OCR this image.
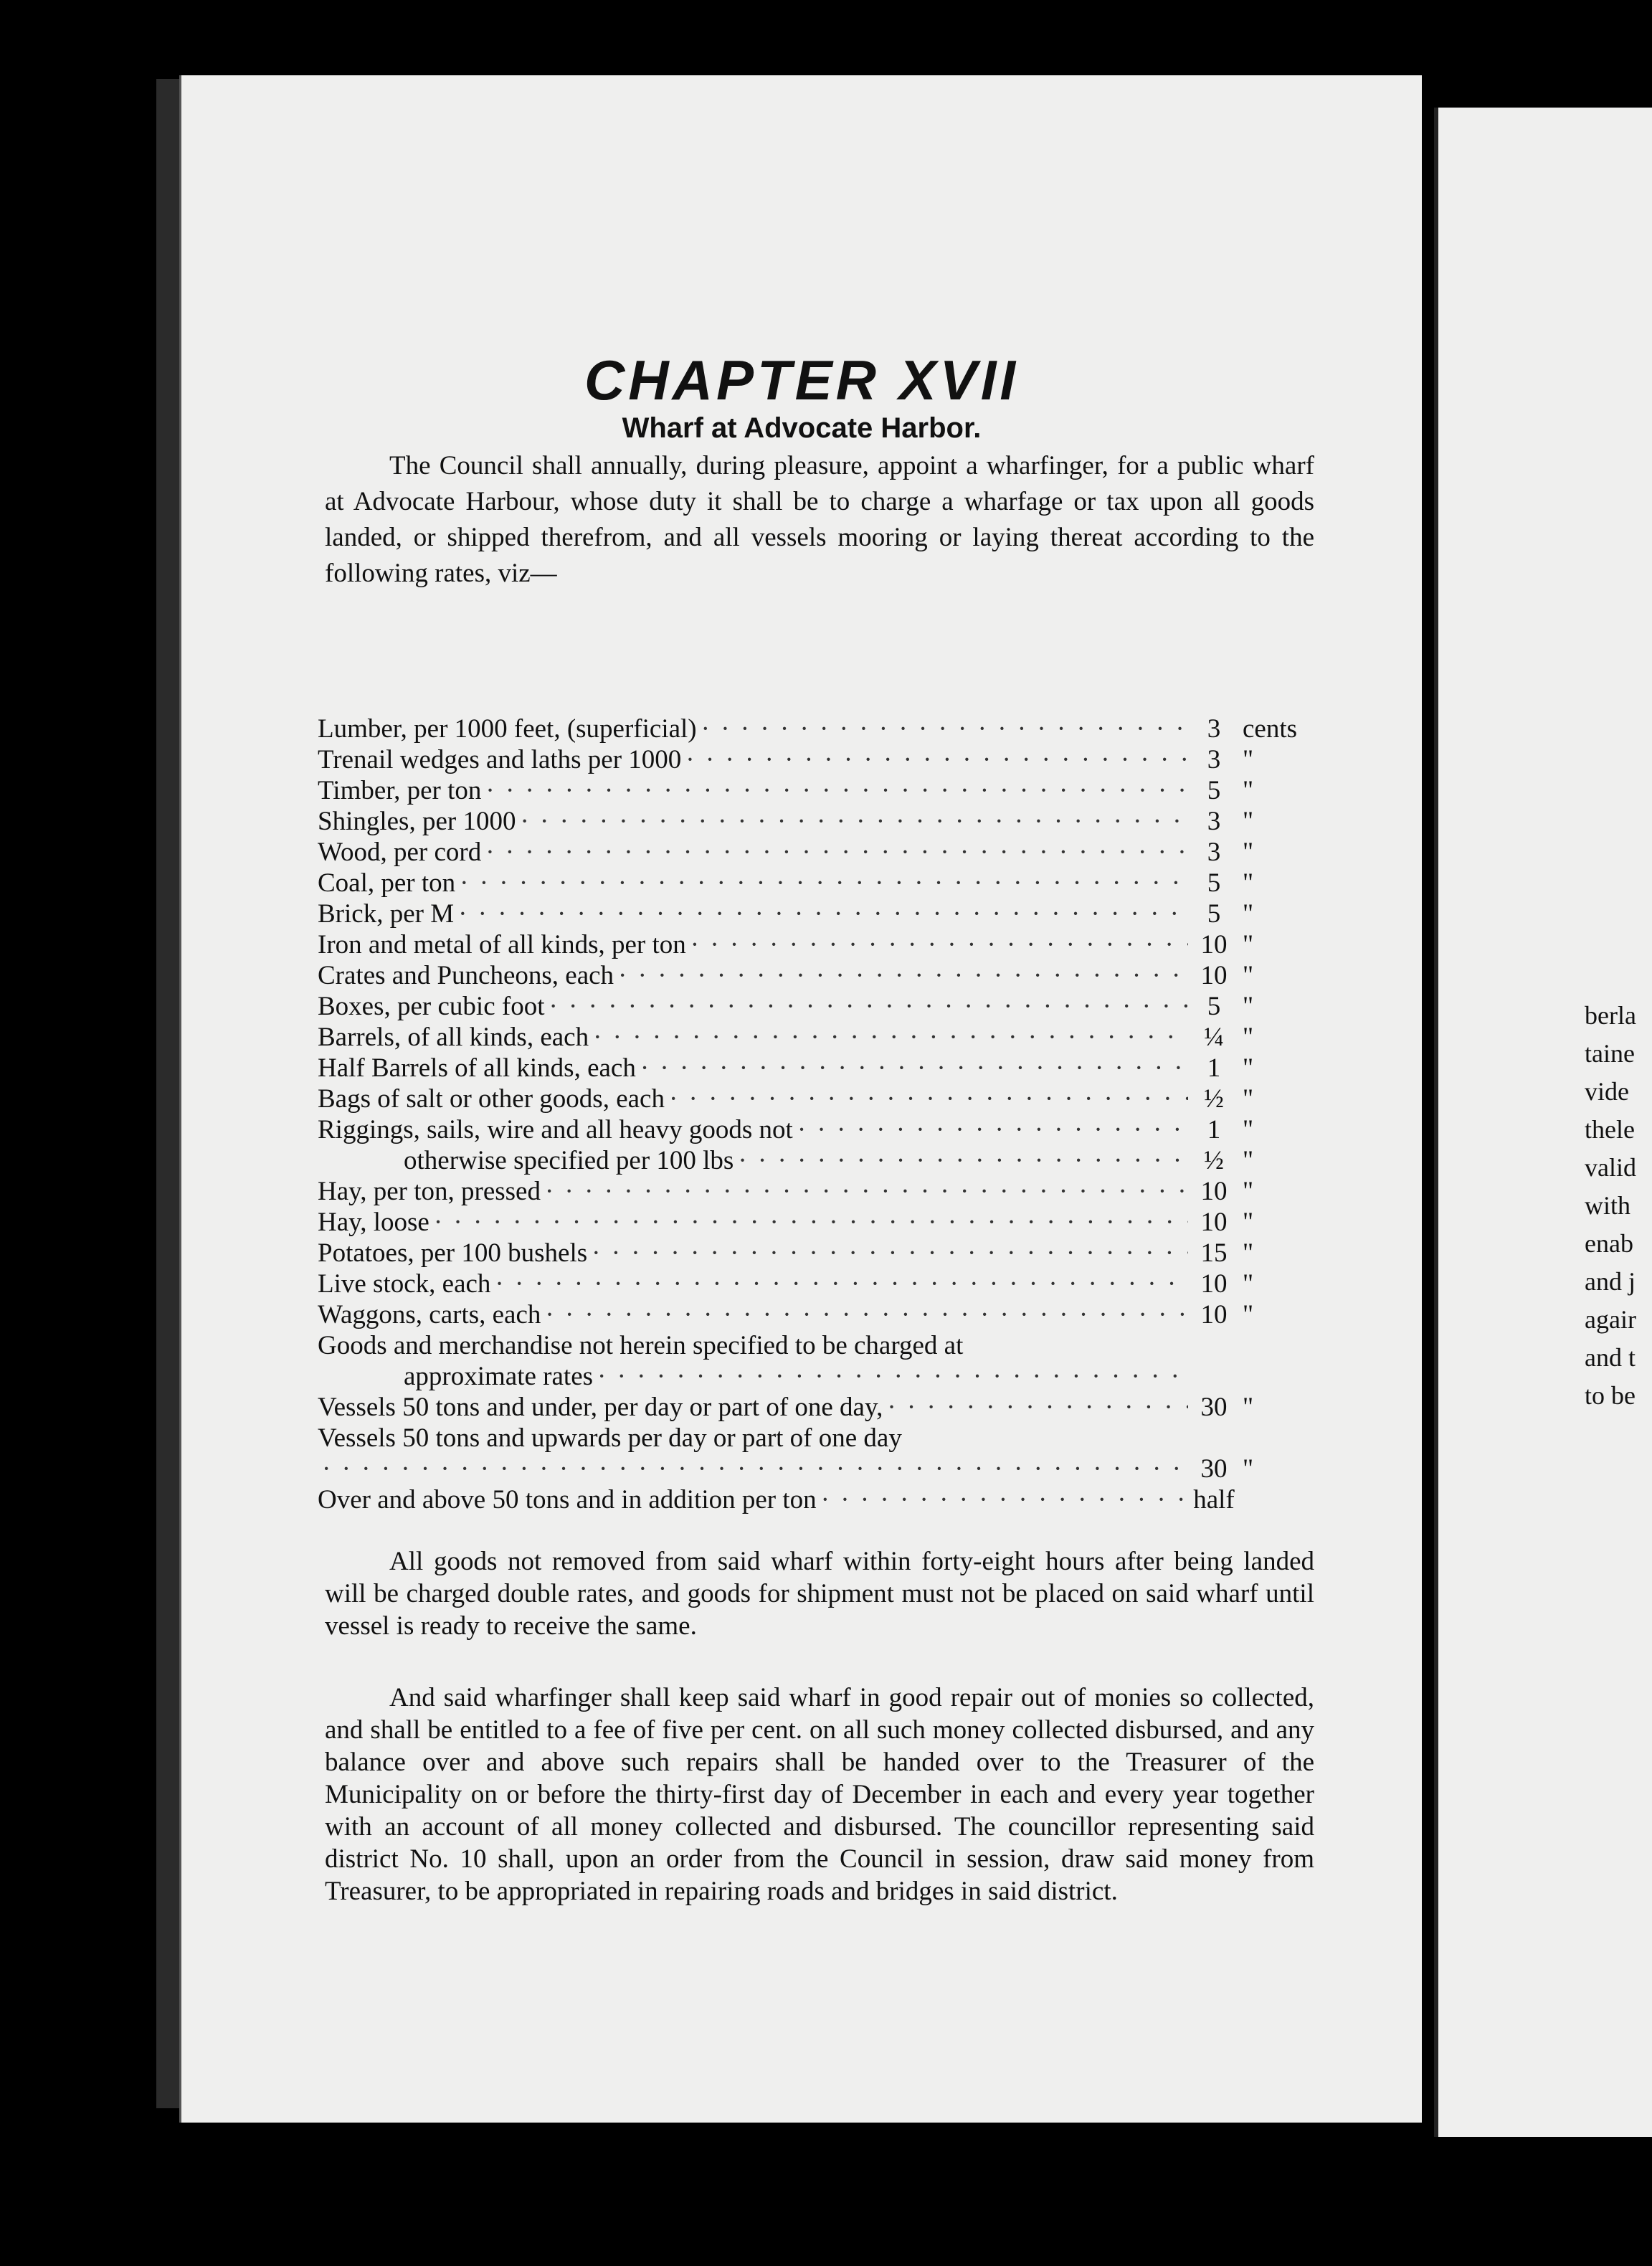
CHAPTER XVII
Wharf at Advocate Harbor.

The Council shall annually, during pleasure, appoint a wharfinger, for a public wharf at Advocate Harbour, whose duty it shall be to charge a wharfage or tax upon all goods landed, or shipped therefrom, and all vessels mooring or laying thereat according to the following rates, viz—

Lumber, per 1000 feet, (superficial) · · ·	3 cents
Trenail wedges and laths per 1000 · · ·	3 "
Timber, per ton · · ·	5 "
Shingles, per 1000 · · ·	3 "
Wood, per cord · · ·	3 "
Coal, per ton · · ·	5 "
Brick, per M · · ·	5 "
Iron and metal of all kinds, per ton · · ·	10 "
Crates and Puncheons, each · · ·	10 "
Boxes, per cubic foot · · ·	5 "
Barrels, of all kinds, each · · ·	¼ "
Half Barrels of all kinds, each · · ·	1 "
Bags of salt or other goods, each · · ·	½ "
Riggings, sails, wire and all heavy goods not · · ·	1 "
otherwise specified per 100 lbs · · ·	½ "
Hay, per ton, pressed · · ·	10 "
Hay, loose · · ·	10 "
Potatoes, per 100 bushels · · ·	15 "
Live stock, each · · ·	10 "
Waggons, carts, each · · ·	10 "
Goods and merchandise not herein specified to be charged at
approximate rates
· · ·
Vessels 50 tons and under, per day or part of one day, · · ·	30 "
Vessels 50 tons and upwards per day or part of one day
· · ·
30 "
Over and above 50 tons and in addition per ton · · ·	half

All goods not removed from said wharf within forty-eight hours after being landed will be charged double rates, and goods for shipment must not be placed on said wharf until vessel is ready to receive the same.

And said wharfinger shall keep said wharf in good repair out of monies so collected, and shall be entitled to a fee of five per cent. on all such money collected disbursed, and any balance over and above such repairs shall be handed over to the Treasurer of the Municipality on or before the thirty-first day of December in each and every year together with an account of all money collected and disbursed. The councillor representing said district No. 10 shall, upon an order from the Council in session, draw said money from Treasurer, to be appropriated in repairing roads and bridges in said district.

berla
taine
vide
thele
valid
with
enab
and j
agair
and t
to be
